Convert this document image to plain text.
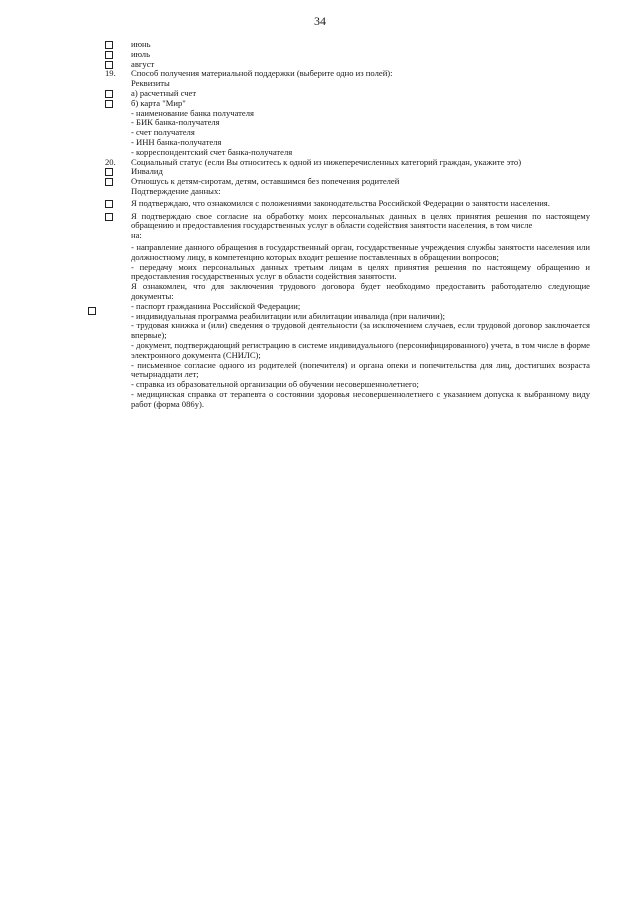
34
июнь
июль
август
19.	Способ получения материальной поддержки (выберите одно из полей):
Реквизиты
а) расчетный счет
б) карта "Мир"
- наименование банка получателя
- БИК банка-получателя
- счет получателя
- ИНН банка-получателя
- корреспондентский счет банка-получателя
20.	Социальный статус (если Вы относитесь к одной из нижеперечисленных категорий граждан, укажите это)
Инвалид
Отношусь к детям-сиротам, детям, оставшимся без попечения родителей
Подтверждение данных:
Я подтверждаю, что ознакомился с положениями законодательства Российской Федерации о занятости населения.
Я подтверждаю свое согласие на обработку моих персональных данных в целях принятия решения по настоящему обращению и предоставления государственных услуг в области содействия занятости населения, в том числе
на:
- направление данного обращения в государственный орган, государственные учреждения службы занятости населения или должностному лицу, в компетенцию которых входит решение поставленных в обращении вопросов;
- передачу моих персональных данных третьим лицам в целях принятия решения по настоящему обращению и предоставления государственных услуг в области содействия занятости.
Я ознакомлен, что для заключения трудового договора будет необходимо предоставить работодателю следующие документы:
- паспорт гражданина Российской Федерации;
- индивидуальная программа реабилитации или абилитации инвалида (при наличии);
- трудовая книжка и (или) сведения о трудовой деятельности (за исключением случаев, если трудовой договор заключается впервые);
- документ, подтверждающий регистрацию в системе индивидуального (персонифицированного) учета, в том числе в форме электронного документа (СНИЛС);
- письменное согласие одного из родителей (попечителя) и органа опеки и попечительства для лиц, достигших возраста четырнадцати лет;
- справка из образовательной организации об обучении несовершеннолетнего;
- медицинская справка от терапевта о состоянии здоровья несовершеннолетнего с указанием допуска к выбранному виду работ (форма 086у).
